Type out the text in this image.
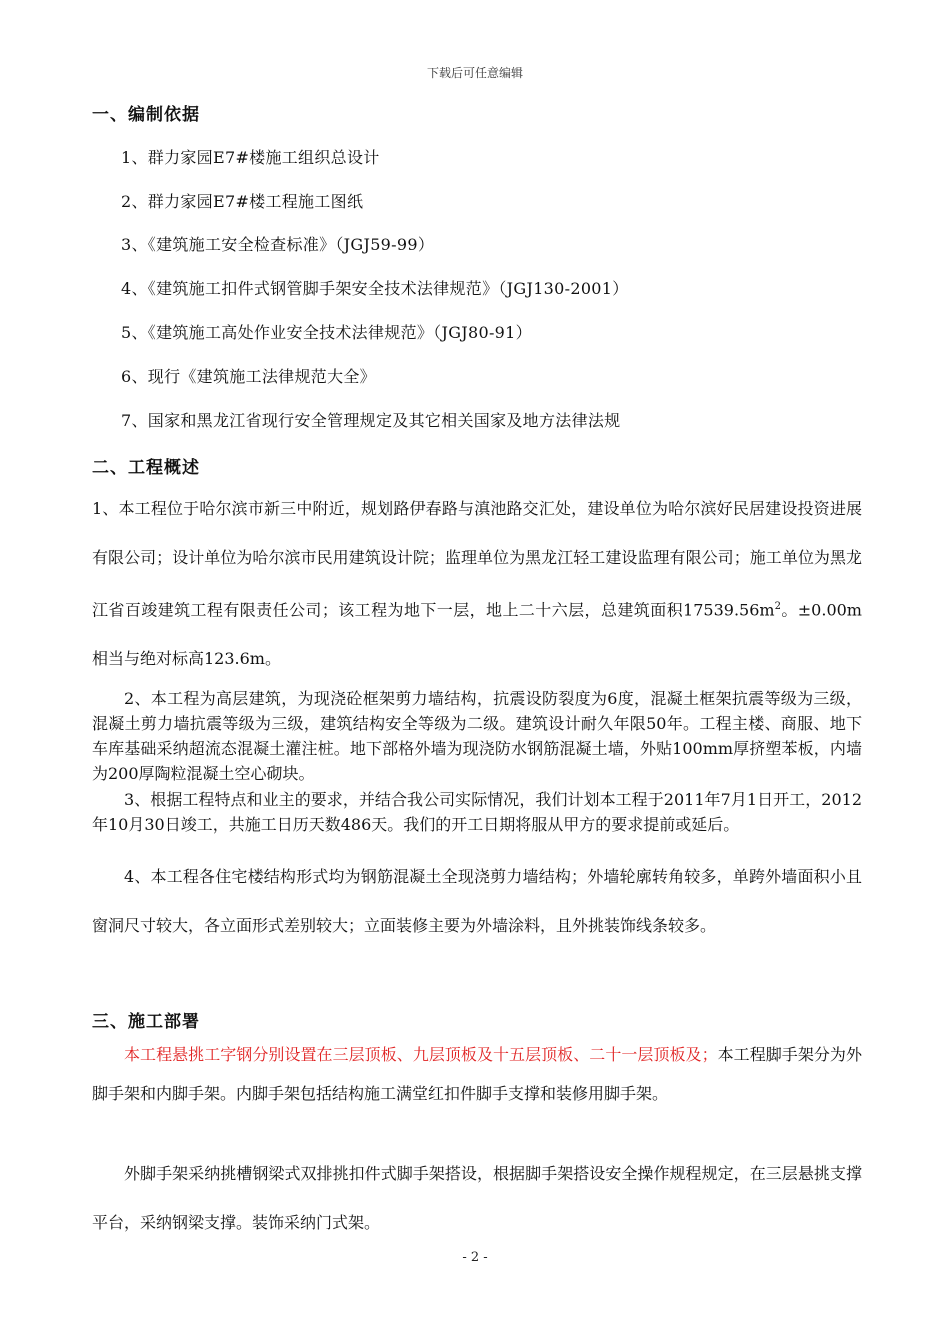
下载后可任意编辑
一、编制依据
1、群力家园E7#楼施工组织总设计
2、群力家园E7#楼工程施工图纸
3、《建筑施工安全检查标准》（JGJ59-99）
4、《建筑施工扣件式钢管脚手架安全技术法律规范》（JGJ130-2001）
5、《建筑施工高处作业安全技术法律规范》（JGJ80-91）
6、现行《建筑施工法律规范大全》
7、国家和黑龙江省现行安全管理规定及其它相关国家及地方法律法规
二、工程概述
1、本工程位于哈尔滨市新三中附近，规划路伊春路与滇池路交汇处，建设单位为哈尔滨好民居建设投资进展有限公司；设计单位为哈尔滨市民用建筑设计院；监理单位为黑龙江轻工建设监理有限公司；施工单位为黑龙江省百竣建筑工程有限责任公司；该工程为地下一层，地上二十六层，总建筑面积$17539.56m^2$。±0.00m相当与绝对标高123.6m。
2、本工程为高层建筑，为现浇砼框架剪力墙结构，抗震设防裂度为6度，混凝土框架抗震等级为三级，混凝土剪力墙抗震等级为三级，建筑结构安全等级为二级。建筑设计耐久年限50年。工程主楼、商服、地下车库基础采纳超流态混凝土灌注桩。地下部格外墙为现浇防水钢筋混凝土墙，外贴100mm厚挤塑苯板，内墙为200厚陶粒混凝土空心砌块。
3、根据工程特点和业主的要求，并结合我公司实际情况，我们计划本工程于2011年7月1日开工，2012年10月30日竣工，共施工日历天数486天。我们的开工日期将服从甲方的要求提前或延后。
4、本工程各住宅楼结构形式均为钢筋混凝土全现浇剪力墙结构；外墙轮廓转角较多，单跨外墙面积小且窗洞尺寸较大，各立面形式差别较大；立面装修主要为外墙涂料，且外挑装饰线条较多。
三、施工部署
本工程悬挑工字钢分别设置在三层顶板、九层顶板及十五层顶板、二十一层顶板及；本工程脚手架分为外脚手架和内脚手架。内脚手架包括结构施工满堂红扣件脚手支撑和装修用脚手架。
外脚手架采纳挑槽钢梁式双排挑扣件式脚手架搭设，根据脚手架搭设安全操作规程规定，在三层悬挑支撑平台，采纳钢梁支撑。装饰采纳门式架。
- 2 -
